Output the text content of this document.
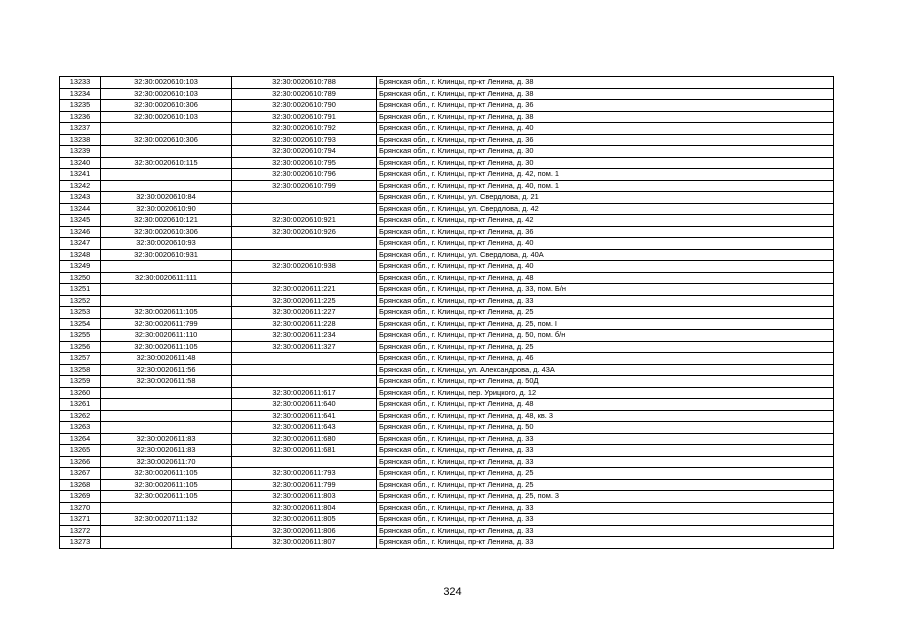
13233	32:30:0020610:103	32:30:0020610:788	Брянская обл., г. Клинцы, пр-кт Ленина, д. 38
13234	32:30:0020610:103	32:30:0020610:789	Брянская обл., г. Клинцы, пр-кт Ленина, д. 38
13235	32:30:0020610:306	32:30:0020610:790	Брянская обл., г. Клинцы, пр-кт Ленина, д. 36
13236	32:30:0020610:103	32:30:0020610:791	Брянская обл., г. Клинцы, пр-кт Ленина, д. 38
13237		32:30:0020610:792	Брянская обл., г. Клинцы, пр-кт Ленина, д. 40
13238	32:30:0020610:306	32:30:0020610:793	Брянская обл., г. Клинцы, пр-кт Ленина, д. 36
13239		32:30:0020610:794	Брянская обл., г. Клинцы, пр-кт Ленина, д. 30
13240	32:30:0020610:115	32:30:0020610:795	Брянская обл., г. Клинцы, пр-кт Ленина, д. 30
13241		32:30:0020610:796	Брянская обл., г. Клинцы, пр-кт Ленина, д. 42, пом. 1
13242		32:30:0020610:799	Брянская обл., г. Клинцы, пр-кт Ленина, д. 40, пом. 1
13243	32:30:0020610:84		Брянская обл., г. Клинцы, ул. Свердлова, д. 21
13244	32:30:0020610:90		Брянская обл., г. Клинцы, ул. Свердлова, д. 42
13245	32:30:0020610:121	32:30:0020610:921	Брянская обл., г. Клинцы, пр-кт Ленина, д. 42
13246	32:30:0020610:306	32:30:0020610:926	Брянская обл., г. Клинцы, пр-кт Ленина, д. 36
13247	32:30:0020610:93		Брянская обл., г. Клинцы, пр-кт Ленина, д. 40
13248	32:30:0020610:931		Брянская обл., г. Клинцы, ул. Свердлова, д. 40А
13249		32:30:0020610:938	Брянская обл., г. Клинцы, пр-кт Ленина, д. 40
13250	32:30:0020611:111		Брянская обл., г. Клинцы, пр-кт Ленина, д. 48
13251		32:30:0020611:221	Брянская обл., г. Клинцы, пр-кт Ленина, д. 33, пом. Б/н
13252		32:30:0020611:225	Брянская обл., г. Клинцы, пр-кт Ленина, д. 33
13253	32:30:0020611:105	32:30:0020611:227	Брянская обл., г. Клинцы, пр-кт Ленина, д. 25
13254	32:30:0020611:799	32:30:0020611:228	Брянская обл., г. Клинцы, пр-кт Ленина, д. 25, пом. I
13255	32:30:0020611:110	32:30:0020611:234	Брянская обл., г. Клинцы, пр-кт Ленина, д. 50, пом. б/н
13256	32:30:0020611:105	32:30:0020611:327	Брянская обл., г. Клинцы, пр-кт Ленина, д. 25
13257	32:30:0020611:48		Брянская обл., г. Клинцы, пр-кт Ленина, д. 46
13258	32:30:0020611:56		Брянская обл., г. Клинцы, ул. Александрова, д. 43А
13259	32:30:0020611:58		Брянская обл., г. Клинцы, пр-кт Ленина, д. 50Д
13260		32:30:0020611:617	Брянская обл., г. Клинцы, пер. Урицкого, д. 12
13261		32:30:0020611:640	Брянская обл., г. Клинцы, пр-кт Ленина, д. 48
13262		32:30:0020611:641	Брянская обл., г. Клинцы, пр-кт Ленина, д. 48, кв. 3
13263		32:30:0020611:643	Брянская обл., г. Клинцы, пр-кт Ленина, д. 50
13264	32:30:0020611:83	32:30:0020611:680	Брянская обл., г. Клинцы, пр-кт Ленина, д. 33
13265	32:30:0020611:83	32:30:0020611:681	Брянская обл., г. Клинцы, пр-кт Ленина, д. 33
13266	32:30:0020611:70		Брянская обл., г. Клинцы, пр-кт Ленина, д. 33
13267	32:30:0020611:105	32:30:0020611:793	Брянская обл., г. Клинцы, пр-кт Ленина, д. 25
13268	32:30:0020611:105	32:30:0020611:799	Брянская обл., г. Клинцы, пр-кт Ленина, д. 25
13269	32:30:0020611:105	32:30:0020611:803	Брянская обл., г. Клинцы, пр-кт Ленина, д. 25, пом. 3
13270		32:30:0020611:804	Брянская обл., г. Клинцы, пр-кт Ленина, д. 33
13271	32:30:0020711:132	32:30:0020611:805	Брянская обл., г. Клинцы, пр-кт Ленина, д. 33
13272		32:30:0020611:806	Брянская обл., г. Клинцы, пр-кт Ленина, д. 33
13273		32:30:0020611:807	Брянская обл., г. Клинцы, пр-кт Ленина, д. 33
324
